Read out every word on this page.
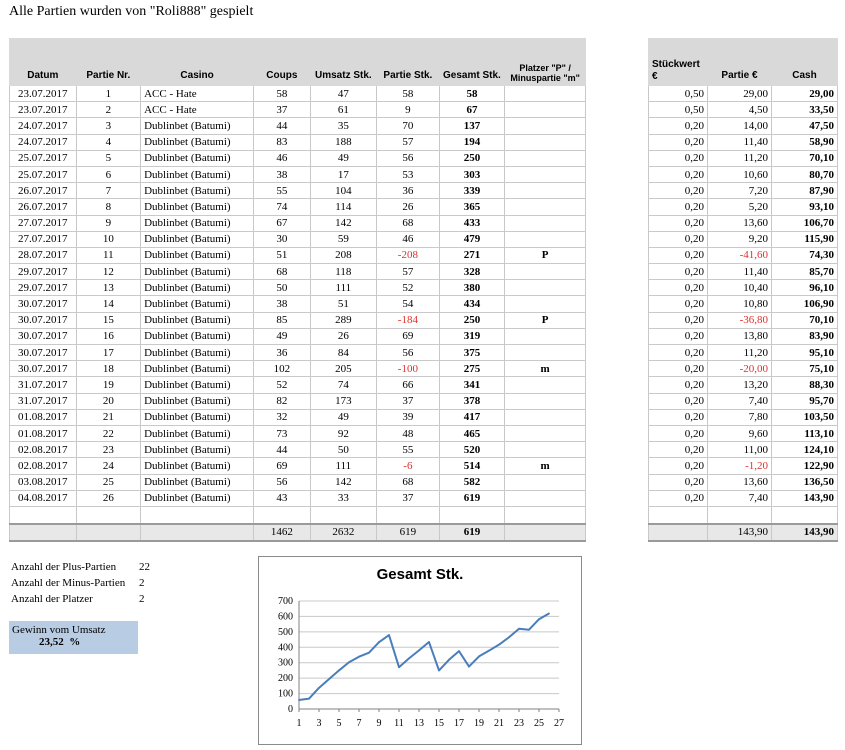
Alle Partien wurden von "Roli888" gespielt
Datum	Partie Nr.	Casino	Coups	Umsatz Stk.	Partie Stk.	Gesamt Stk.	Platzer "P" / Minuspartie "m"
23.07.2017	1	ACC - Hate	58	47	58	58	
23.07.2017	2	ACC - Hate	37	61	9	67	
24.07.2017	3	Dublinbet (Batumi)	44	35	70	137	
24.07.2017	4	Dublinbet (Batumi)	83	188	57	194	
25.07.2017	5	Dublinbet (Batumi)	46	49	56	250	
25.07.2017	6	Dublinbet (Batumi)	38	17	53	303	
26.07.2017	7	Dublinbet (Batumi)	55	104	36	339	
26.07.2017	8	Dublinbet (Batumi)	74	114	26	365	
27.07.2017	9	Dublinbet (Batumi)	67	142	68	433	
27.07.2017	10	Dublinbet (Batumi)	30	59	46	479	
28.07.2017	11	Dublinbet (Batumi)	51	208	-208	271	P
29.07.2017	12	Dublinbet (Batumi)	68	118	57	328	
29.07.2017	13	Dublinbet (Batumi)	50	111	52	380	
30.07.2017	14	Dublinbet (Batumi)	38	51	54	434	
30.07.2017	15	Dublinbet (Batumi)	85	289	-184	250	P
30.07.2017	16	Dublinbet (Batumi)	49	26	69	319	
30.07.2017	17	Dublinbet (Batumi)	36	84	56	375	
30.07.2017	18	Dublinbet (Batumi)	102	205	-100	275	m
31.07.2017	19	Dublinbet (Batumi)	52	74	66	341	
31.07.2017	20	Dublinbet (Batumi)	82	173	37	378	
01.08.2017	21	Dublinbet (Batumi)	32	49	39	417	
01.08.2017	22	Dublinbet (Batumi)	73	92	48	465	
02.08.2017	23	Dublinbet (Batumi)	44	50	55	520	
02.08.2017	24	Dublinbet (Batumi)	69	111	-6	514	m
03.08.2017	25	Dublinbet (Batumi)	56	142	68	582	
04.08.2017	26	Dublinbet (Batumi)	43	33	37	619	

			1462	2632	619	619	
Stückwert €	Partie €	Cash
0,50	29,00	29,00
0,50	4,50	33,50
0,20	14,00	47,50
0,20	11,40	58,90
0,20	11,20	70,10
0,20	10,60	80,70
0,20	7,20	87,90
0,20	5,20	93,10
0,20	13,60	106,70
0,20	9,20	115,90
0,20	-41,60	74,30
0,20	11,40	85,70
0,20	10,40	96,10
0,20	10,80	106,90
0,20	-36,80	70,10
0,20	13,80	83,90
0,20	11,20	95,10
0,20	-20,00	75,10
0,20	13,20	88,30
0,20	7,40	95,70
0,20	7,80	103,50
0,20	9,60	113,10
0,20	11,00	124,10
0,20	-1,20	122,90
0,20	13,60	136,50
0,20	7,40	143,90

	143,90	143,90
Anzahl der Plus-Partien 22
Anzahl der Minus-Partien 2
Anzahl der Platzer	2
Gewinn vom Umsatz
23,52 %
Gesamt Stk.
0
100
200
300
400
500
600
700
1 3 5 7 9 11 13 15 17 19 21 23 25 27
